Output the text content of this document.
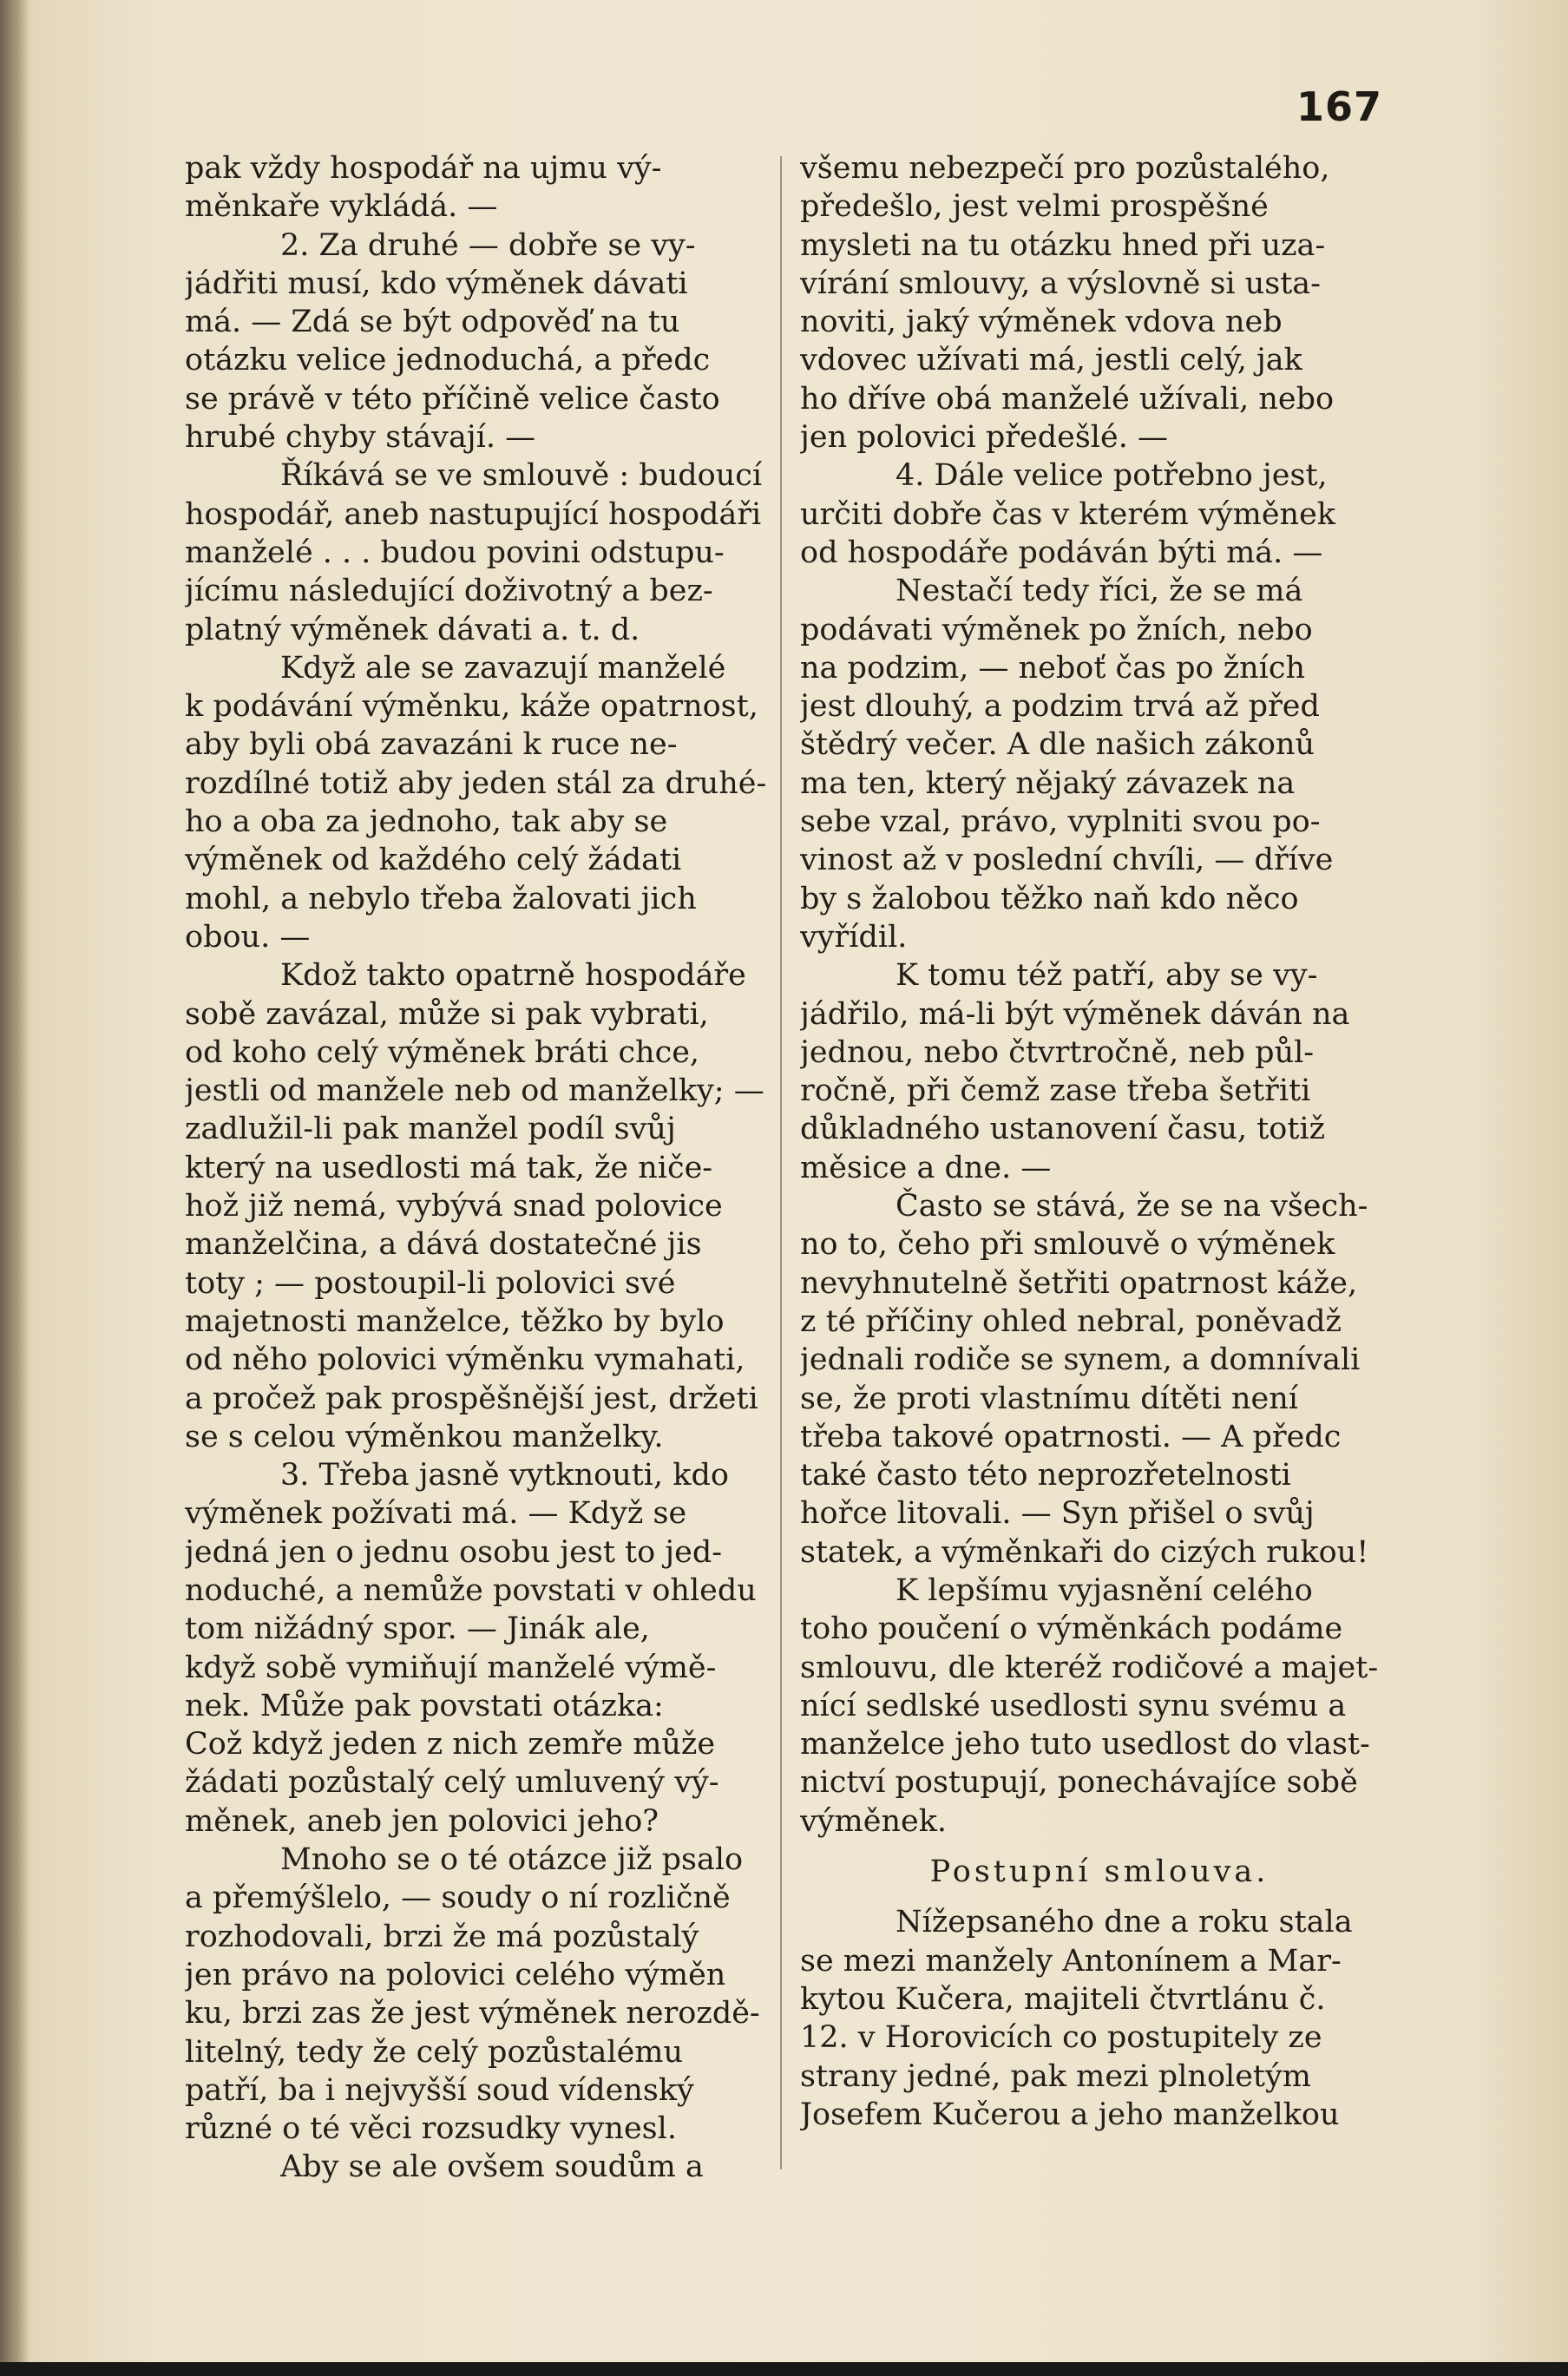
167
pak vždy hospodář na ujmu vý-
měnkaře vykládá. —
2. Za druhé — dobře se vy-
jádřiti musí, kdo výměnek dávati
má. — Zdá se být odpověď na tu
otázku velice jednoduchá, a předc
se právě v této příčině velice často
hrubé chyby stávají. —
Říkává se ve smlouvě : budoucí
hospodář, aneb nastupující hospodáři
manželé . . . budou povini odstupu-
jícímu následující doživotný a bez-
platný výměnek dávati a. t. d.
Když ale se zavazují manželé
k podávání výměnku, káže opatrnost,
aby byli obá zavazáni k ruce ne-
rozdílné totiž aby jeden stál za druhé-
ho a oba za jednoho, tak aby se
výměnek od každého celý žádati
mohl, a nebylo třeba žalovati jich
obou. —
Kdož takto opatrně hospodáře
sobě zavázal, může si pak vybrati,
od koho celý výměnek bráti chce,
jestli od manžele neb od manželky; —
zadlužil-li pak manžel podíl svůj
který na usedlosti má tak, že niče-
hož již nemá, vybývá snad polovice
manželčina, a dává dostatečné jis
toty ; — postoupil-li polovici své
majetnosti manželce, těžko by bylo
od něho polovici výměnku vymahati,
a pročež pak prospěšnější jest, držeti
se s celou výměnkou manželky.
3. Třeba jasně vytknouti, kdo
výměnek požívati má. — Když se
jedná jen o jednu osobu jest to jed-
noduché, a nemůže povstati v ohledu
tom nižádný spor. — Jinák ale,
když sobě vymiňují manželé výmě-
nek. Může pak povstati otázka:
Což když jeden z nich zemře může
žádati pozůstalý celý umluvený vý-
měnek, aneb jen polovici jeho?
Mnoho se o té otázce již psalo
a přemýšlelo, — soudy o ní rozličně
rozhodovali, brzi že má pozůstalý
jen právo na polovici celého výměn
ku, brzi zas že jest výměnek nerozdě-
litelný, tedy že celý pozůstalému
patří, ba i nejvyšší soud vídenský
různé o té věci rozsudky vynesl.
Aby se ale ovšem soudům a
všemu nebezpečí pro pozůstalého,
předešlo, jest velmi prospěšné
mysleti na tu otázku hned při uza-
vírání smlouvy, a výslovně si usta-
noviti, jaký výměnek vdova neb
vdovec užívati má, jestli celý, jak
ho dříve obá manželé užívali, nebo
jen polovici předešlé. —
4. Dále velice potřebno jest,
určiti dobře čas v kterém výměnek
od hospodáře podáván býti má. —
Nestačí tedy říci, že se má
podávati výměnek po žních, nebo
na podzim, — neboť čas po žních
jest dlouhý, a podzim trvá až před
štědrý večer. A dle našich zákonů
ma ten, který nějaký závazek na
sebe vzal, právo, vyplniti svou po-
vinost až v poslední chvíli, — dříve
by s žalobou těžko naň kdo něco
vyřídil.
K tomu též patří, aby se vy-
jádřilo, má-li být výměnek dáván na
jednou, nebo čtvrtročně, neb půl-
ročně, při čemž zase třeba šetřiti
důkladného ustanovení času, totiž
měsice a dne. —
Často se stává, že se na všech-
no to, čeho při smlouvě o výměnek
nevyhnutelně šetřiti opatrnost káže,
z té příčiny ohled nebral, poněvadž
jednali rodiče se synem, a domnívali
se, že proti vlastnímu dítěti není
třeba takové opatrnosti. — A předc
také často této neprozřetelnosti
hořce litovali. — Syn přišel o svůj
statek, a výměnkaři do cizých rukou!
K lepšímu vyjasnění celého
toho poučení o výměnkách podáme
smlouvu, dle kteréž rodičové a majet-
nící sedlské usedlosti synu svému a
manželce jeho tuto usedlost do vlast-
nictví postupují, ponechávajíce sobě
výměnek.
Postupní smlouva.
Nížepsaného dne a roku stala
se mezi manžely Antonínem a Mar-
kytou Kučera, majiteli čtvrtlánu č.
12. v Horovicích co postupitely ze
strany jedné, pak mezi plnoletým
Josefem Kučerou a jeho manželkou
